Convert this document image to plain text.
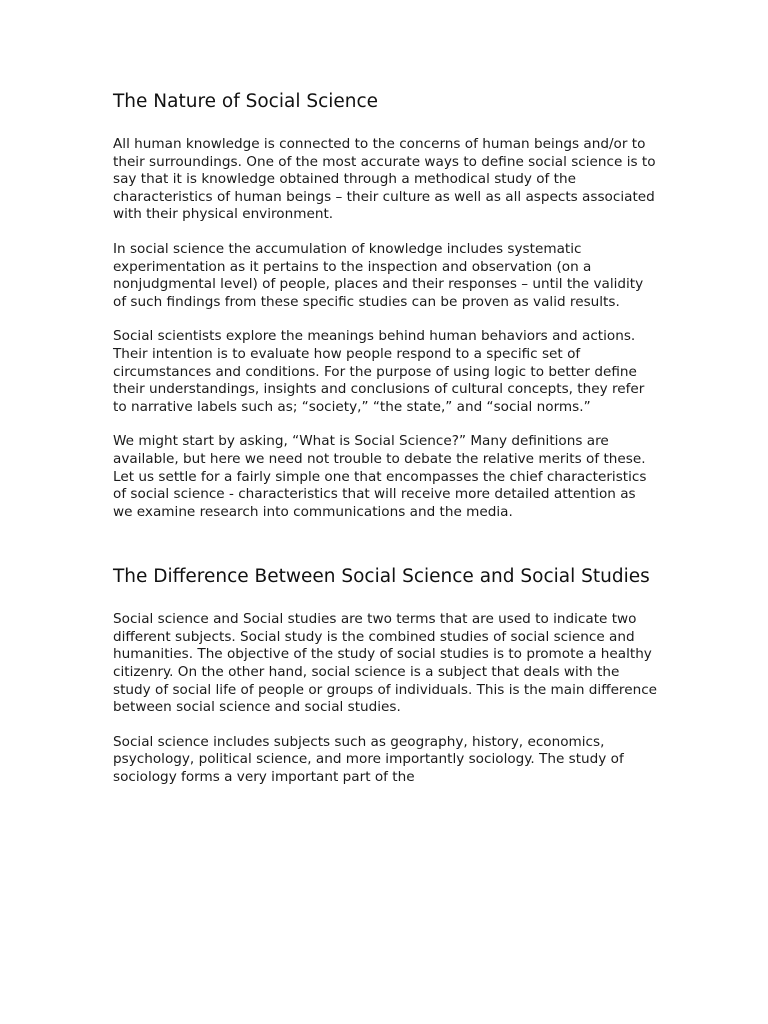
The Nature of Social Science

All human knowledge is connected to the concerns of human beings and/or to their surroundings. One of the most accurate ways to define social science is to say that it is knowledge obtained through a methodical study of the characteristics of human beings – their culture as well as all aspects associated with their physical environment.

In social science the accumulation of knowledge includes systematic experimentation as it pertains to the inspection and observation (on a nonjudgmental level) of people, places and their responses – until the validity of such findings from these specific studies can be proven as valid results.

Social scientists explore the meanings behind human behaviors and actions. Their intention is to evaluate how people respond to a specific set of circumstances and conditions. For the purpose of using logic to better define their understandings, insights and conclusions of cultural concepts, they refer to narrative labels such as; “society,” “the state,” and “social norms.”

We might start by asking, “What is Social Science?” Many definitions are available, but here we need not trouble to debate the relative merits of these. Let us settle for a fairly simple one that encompasses the chief characteristics of social science - characteristics that will receive more detailed attention as we examine research into communications and the media.

The Difference Between Social Science and Social Studies

Social science and Social studies are two terms that are used to indicate two different subjects. Social study is the combined studies of social science and humanities. The objective of the study of social studies is to promote a healthy citizenry. On the other hand, social science is a subject that deals with the study of social life of people or groups of individuals. This is the main difference between social science and social studies.

Social science includes subjects such as geography, history, economics, psychology, political science, and more importantly sociology. The study of sociology forms a very important part of the
